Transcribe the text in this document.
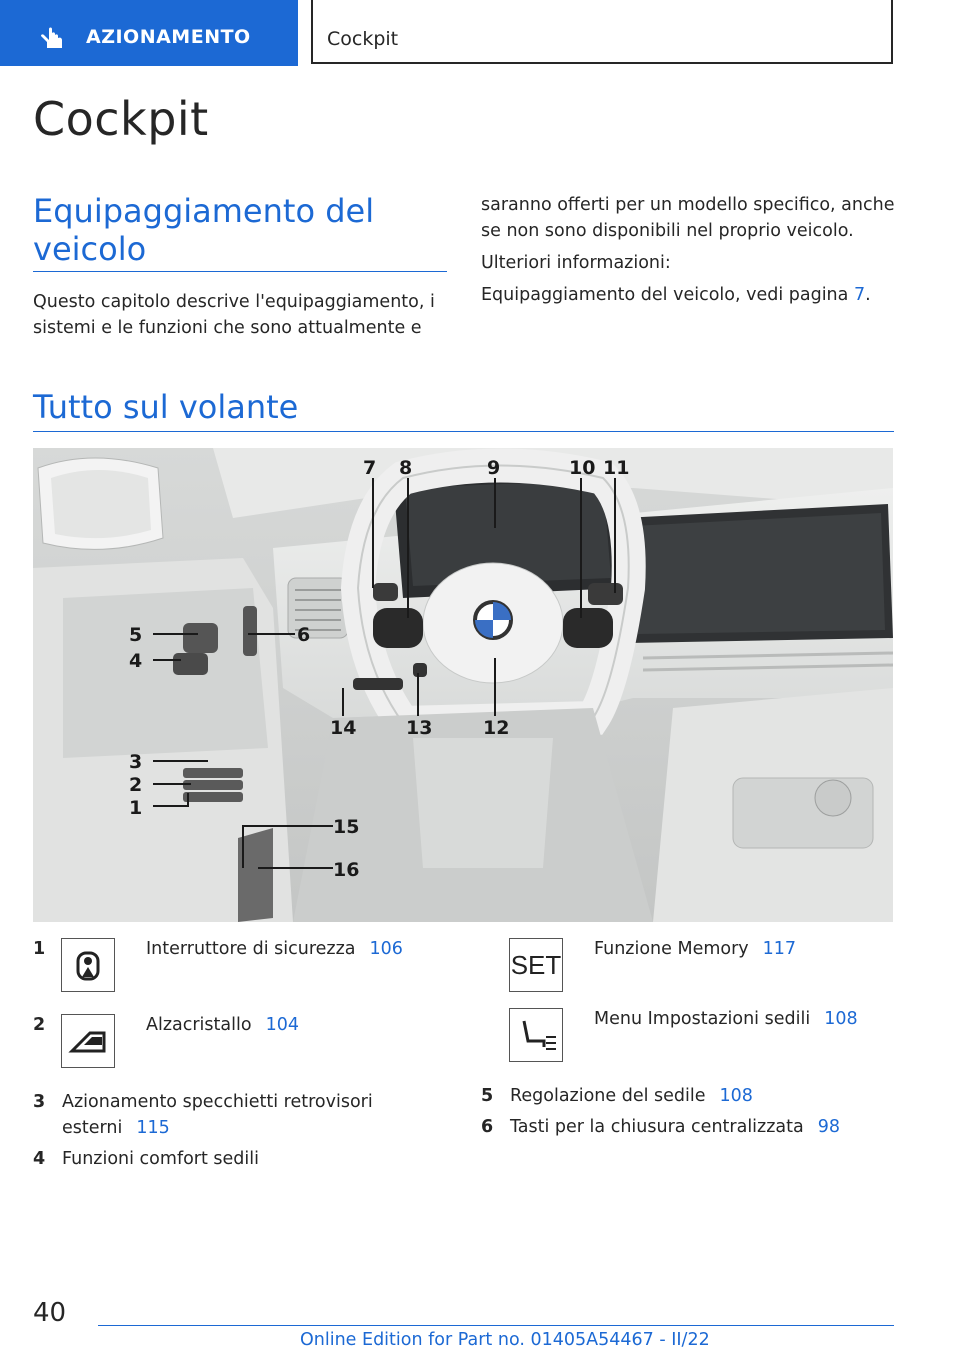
AZIONAMENTO	Cockpit
Cockpit
Equipaggiamento del
veicolo
Questo capitolo descrive l'equipaggiamento, i
sistemi e le funzioni che sono attualmente e
saranno offerti per un modello specifico, anche
se non sono disponibili nel proprio veicolo.
Ulteriori informazioni:
Equipaggiamento del veicolo, vedi pagina 7.
Tutto sul volante
7 8	9	10 11
5
4
6
3
2
1
15
16
14	13	12
1	Interruttore di sicurezza 106
2	Alzacristallo 104
3 Azionamento specchietti retrovisori
esterni 115
4 Funzioni comfort sedili
SET
Funzione Memory 117
Menu Impostazioni sedili 108
5 Regolazione del sedile 108
6 Tasti per la chiusura centralizzata 98
40
Online Edition for Part no. 01405A54467 - II/22
